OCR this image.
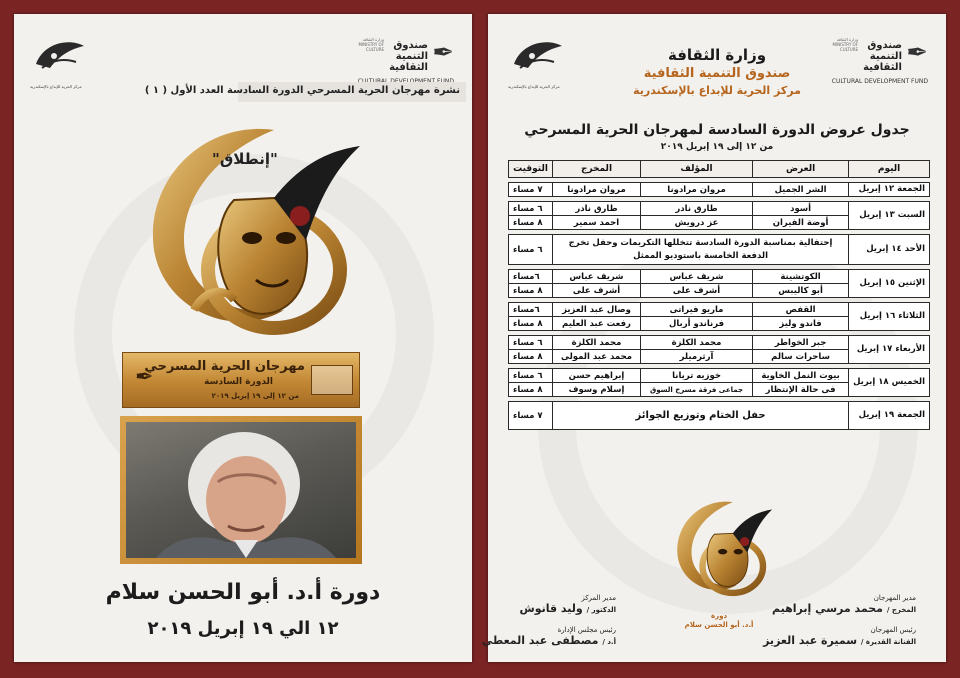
مركز الحرية للإبداع بالإسكندرية
وزارة الثقافة MINISTRY OF CULTURE ✒
صندوق التنمية الثقافية
نشرة مهرجان الحرية المسرحي الدورة السادسة العدد الأول ( ١ )
"إنطلاق"
✒
مهرجان الحرية المسرحي
الدورة السادسة
من ١٢ إلى ١٩ إبريل ٢٠١٩
دورة أ.د. أبو الحسن سلام
١٢ الي ١٩ إبريل ٢٠١٩
مركز الحرية للإبداع بالإسكندرية
وزارة الثقافة MINISTRY OF CULTURE ✒
صندوق التنمية الثقافية
CULTURAL DEVELOPMENT FUND
وزارة الثقافة
صندوق التنمية الثقافية
مركز الحرية للإبداع بالإسكندرية
جدول عروض الدورة السادسة لمهرجان الحرية المسرحي
من ١٢ إلى ١٩ إبريل ٢٠١٩
اليوم	العرض	المؤلف	المخرج	التوقيت

الجمعة ١٢ إبريل	الشر الجميل	مروان مرادونا	مروان مرادونا	٧ مساء

السبت ١٣ إبريل	أسود	طارق نادر	طارق نادر	٦ مساء
	أوضة الفيران	عز درويش	احمد سمير	٨ مساء

الأحد ١٤ إبريل	إحتفالية بمناسبة الدورة السادسة تتخللها التكريمات وحفل تخرج الدفعة الخامسة باستوديو الممثل			٦ مساء

الإثنين ١٥ إبريل	الكوتشينة	شريف عباس	شريف عباس	٦مساء
	أبو كاليبس	أشرف على	أشرف على	٨ مساء

الثلاثاء ١٦ إبريل	القفص	ماريو فيراتى	وصال عبد العزيز	٦مساء
	فاندو وليز	فرناندو أربال	رفعت عبد العليم	٨ مساء

الأربعاء ١٧ إبريل	جبر الخواطر	محمد الكلزة	محمد الكلزة	٦ مساء
	ساحرات سالم	آرثرميلر	محمد عبد المولى	٨ مساء

الخميس ١٨ إبريل	بيوت النمل الخاوية	خوزيه تريانا	إبراهيم حسن	٦ مساء
	فى حالة الإنتظار	جماعى فرقة مسرح السوق	إسلام وسوف	٨ مساء

الجمعة ١٩ إبريل	حفل الختام وتوزيع الجوائز			٧ مساء
دورة
أ.د. أبو الحسن سلام
مدير المركز
الدكتور / وليد قانوش
رئيس مجلس الإدارة
أ.د / مصطفى عبد المعطي
مدير المهرجان
المخرج / محمد مرسي إبراهيم
رئيس المهرجان
الفنانة القديرة / سميرة عبد العزيز
